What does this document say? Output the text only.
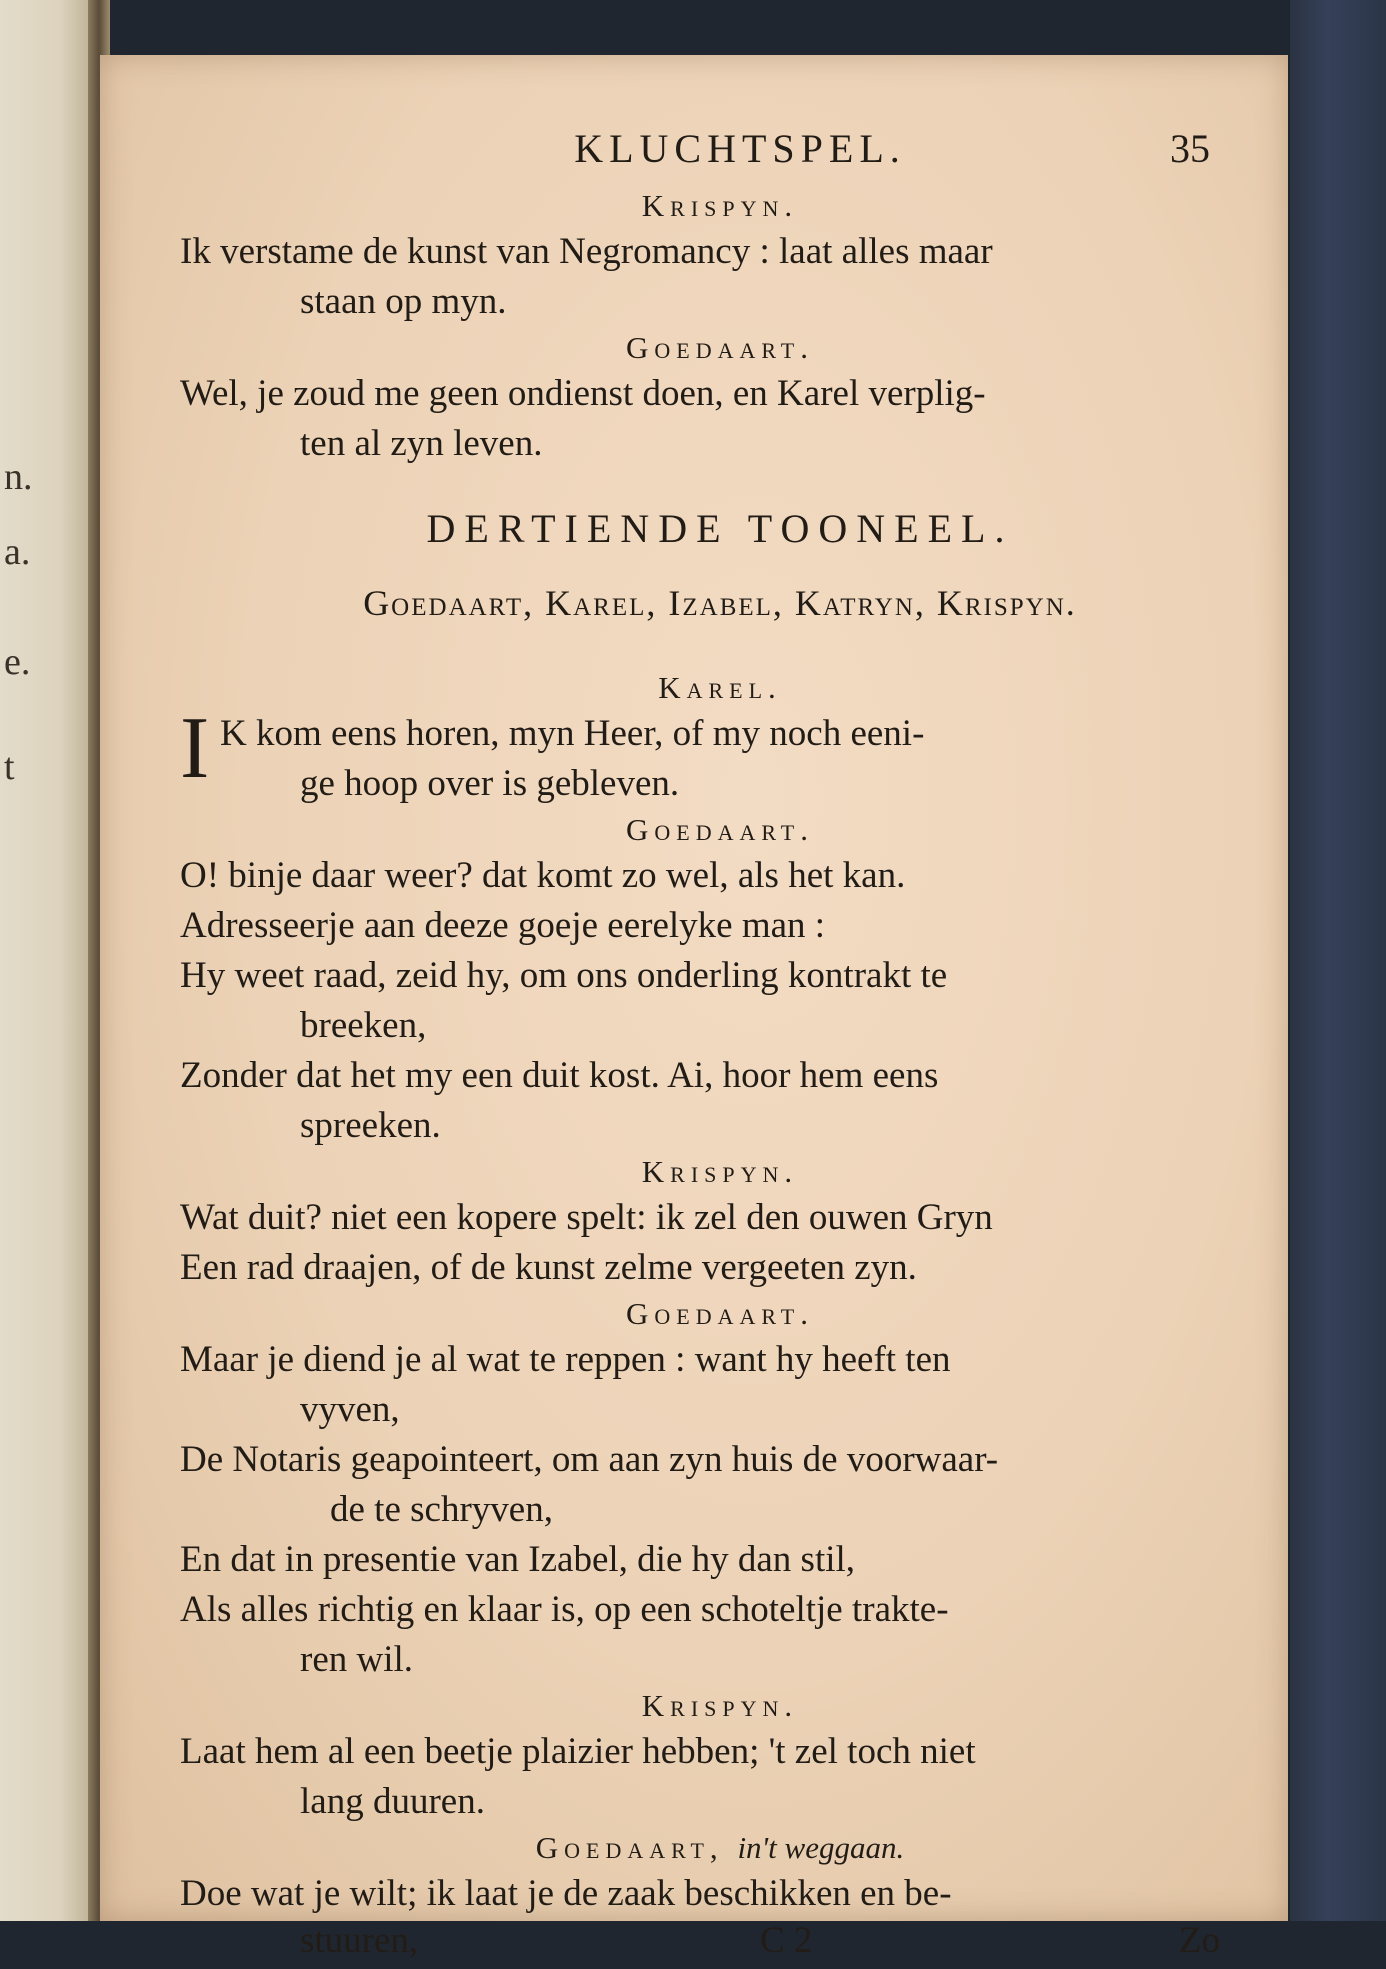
n.
a.
e.
t
KLUCHTSPEL.	35
Krispyn.
Ik verstame de kunst van Negromancy : laat alles maar
staan op myn.
Goedaart.
Wel, je zoud me geen ondienst doen, en Karel verplig-
ten al zyn leven.
DERTIENDE TOONEEL.
Goedaart, Karel, Izabel, Katryn, Krispyn.
Karel.
I K kom eens horen, myn Heer, of my noch eeni-
ge hoop over is gebleven.
Goedaart.
O! binje daar weer? dat komt zo wel, als het kan.
Adresseerje aan deeze goeje eerelyke man :
Hy weet raad, zeid hy, om ons onderling kontrakt te
breeken,
Zonder dat het my een duit kost. Ai, hoor hem eens
spreeken.
Krispyn.
Wat duit? niet een kopere spelt: ik zel den ouwen Gryn
Een rad draajen, of de kunst zelme vergeeten zyn.
Goedaart.
Maar je diend je al wat te reppen : want hy heeft ten
vyven,
De Notaris geapointeert, om aan zyn huis de voorwaar-
de te schryven,
En dat in presentie van Izabel, die hy dan stil,
Als alles richtig en klaar is, op een schoteltje trakte-
ren wil.
Krispyn.
Laat hem al een beetje plaizier hebben; 't zel toch niet
lang duuren.
Goedaart, in't weggaan.
Doe wat je wilt; ik laat je de zaak beschikken en be-
stuuren,	C 2	Zo
